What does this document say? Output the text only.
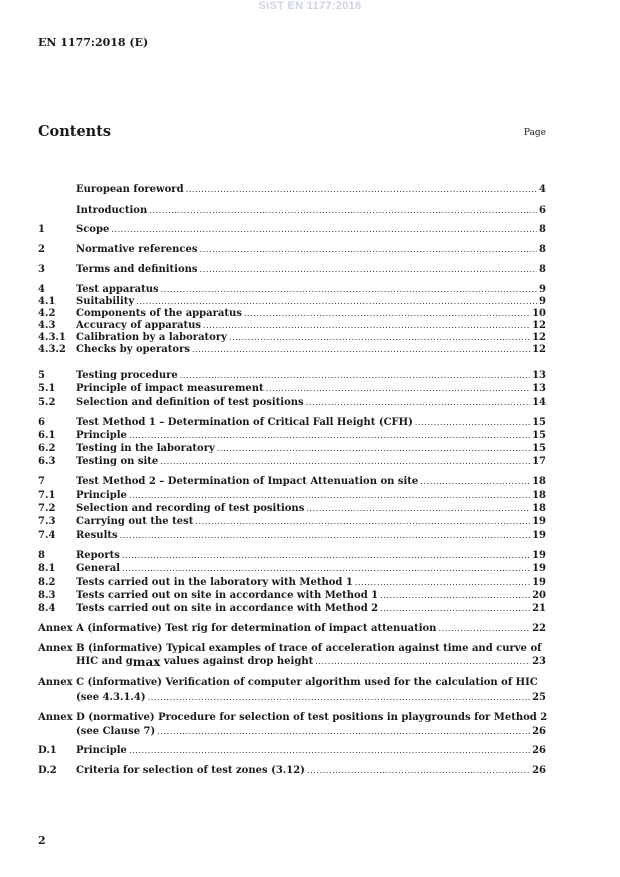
SIST EN 1177:2018
EN 1177:2018 (E)
Contents	Page
European foreword .....	4
Introduction .....	6
1	Scope .....	8
2	Normative references .....	8
3	Terms and definitions .....	8
4	Test apparatus .....	9
4.1	Suitability .....	9
4.2	Components of the apparatus .....	10
4.3	Accuracy of apparatus .....	12
4.3.1	Calibration by a laboratory .....	12
4.3.2	Checks by operators .....	12
5	Testing procedure .....	13
5.1	Principle of impact measurement .....	13
5.2	Selection and definition of test positions .....	14
6	Test Method 1 – Determination of Critical Fall Height (CFH) .....	15
6.1	Principle .....	15
6.2	Testing in the laboratory .....	15
6.3	Testing on site .....	17
7	Test Method 2 – Determination of Impact Attenuation on site .....	18
7.1	Principle .....	18
7.2	Selection and recording of test positions .....	18
7.3	Carrying out the test .....	19
7.4	Results .....	19
8	Reports .....	19
8.1	General .....	19
8.2	Tests carried out in the laboratory with Method 1 .....	19
8.3	Tests carried out on site in accordance with Method 1 .....	20
8.4	Tests carried out on site in accordance with Method 2 .....	21
Annex A (informative) Test rig for determination of impact attenuation .....	22
Annex B (informative) Typical examples of trace of acceleration against time and curve of
HIC and gmax values against drop height .....	23
Annex C (informative) Verification of computer algorithm used for the calculation of HIC
(see 4.3.1.4) .....	25
Annex D (normative) Procedure for selection of test positions in playgrounds for Method 2
(see Clause 7) .....	26
D.1	Principle .....	26
D.2	Criteria for selection of test zones (3.12) .....	26
2
